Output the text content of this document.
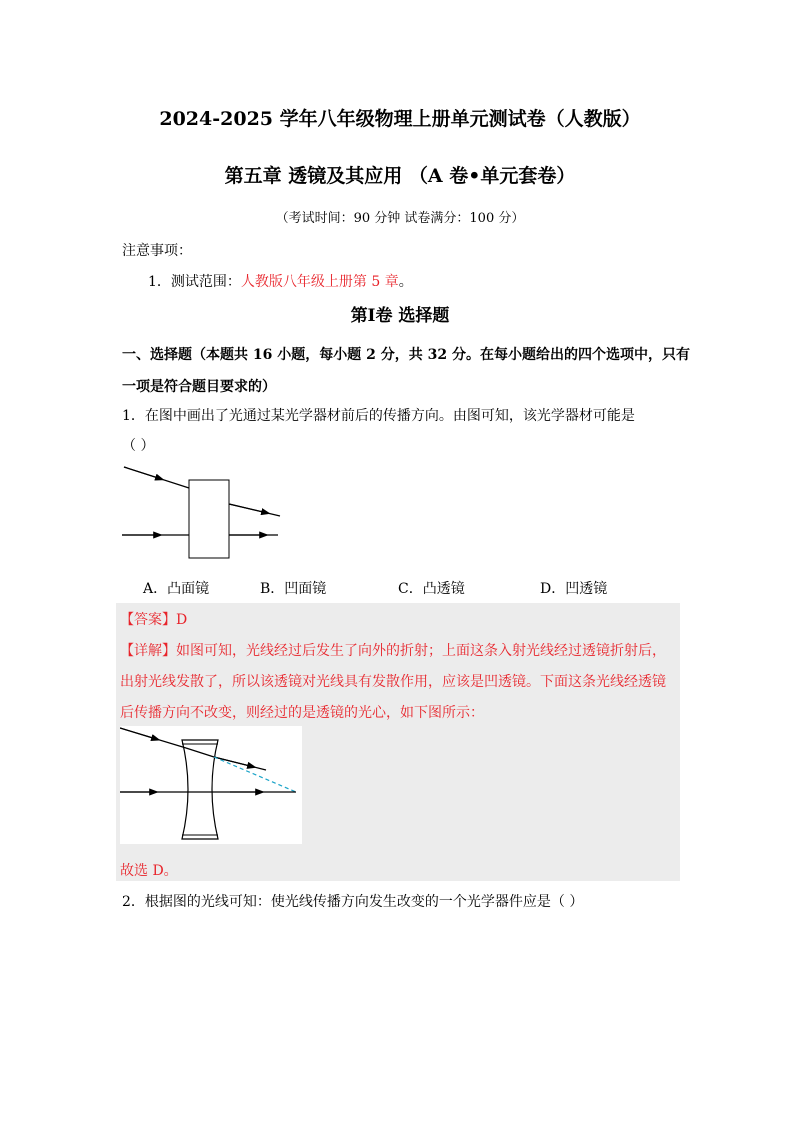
2024-2025 学年八年级物理上册单元测试卷（人教版）
第五章 透镜及其应用 （A 卷•单元套卷）
（考试时间：90 分钟 试卷满分：100 分）
注意事项：
1．测试范围：人教版八年级上册第 5 章。
第Ⅰ卷 选择题
一、选择题（本题共 16 小题，每小题 2 分，共 32 分。在每小题给出的四个选项中，只有
一项是符合题目要求的）
1．在图中画出了光通过某光学器材前后的传播方向。由图可知，该光学器材可能是
（ ）
A．凸面镜	B．凹面镜	C．凸透镜	D．凹透镜
【答案】D
【详解】如图可知，光线经过后发生了向外的折射；上面这条入射光线经过透镜折射后，
出射光线发散了，所以该透镜对光线具有发散作用，应该是凹透镜。下面这条光线经透镜
后传播方向不改变，则经过的是透镜的光心，如下图所示：
故选 D。
2．根据图的光线可知：使光线传播方向发生改变的一个光学器件应是（ ）
